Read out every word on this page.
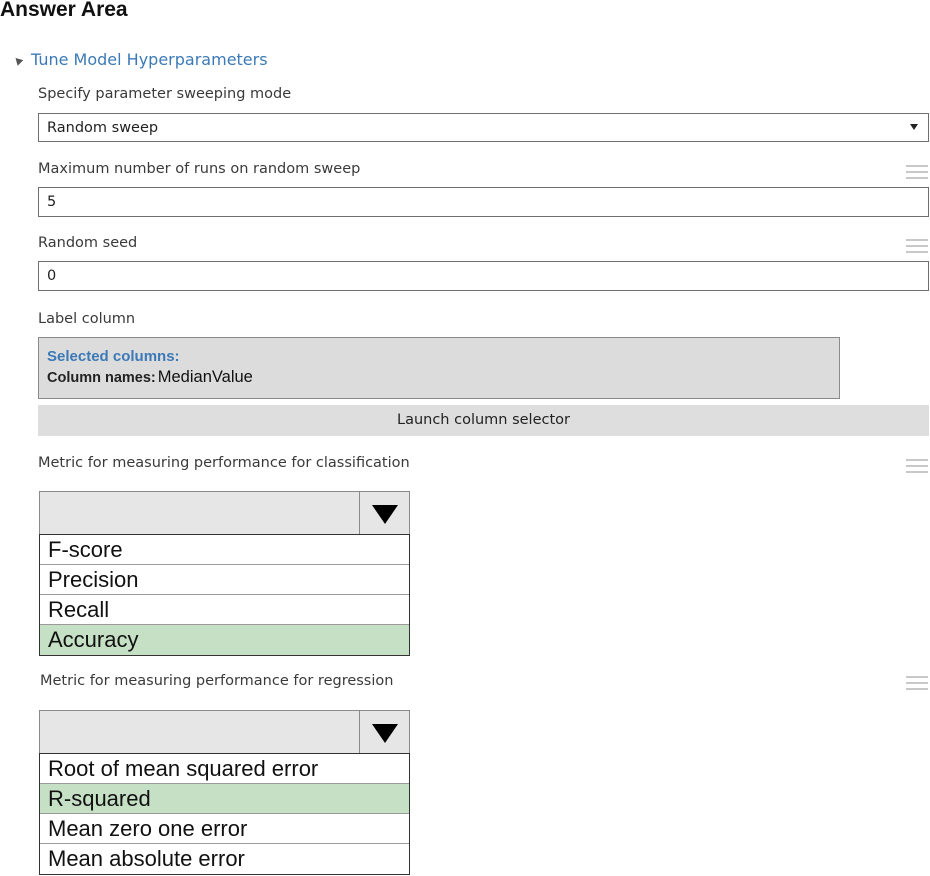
Answer Area
Tune Model Hyperparameters
Specify parameter sweeping mode
Random sweep
Maximum number of runs on random sweep
5
Random seed
0
Label column
Selected columns:
Column names: MedianValue
Launch column selector
Metric for measuring performance for classification
F-score
Precision
Recall
Accuracy
Metric for measuring performance for regression
Root of mean squared error
R-squared
Mean zero one error
Mean absolute error
